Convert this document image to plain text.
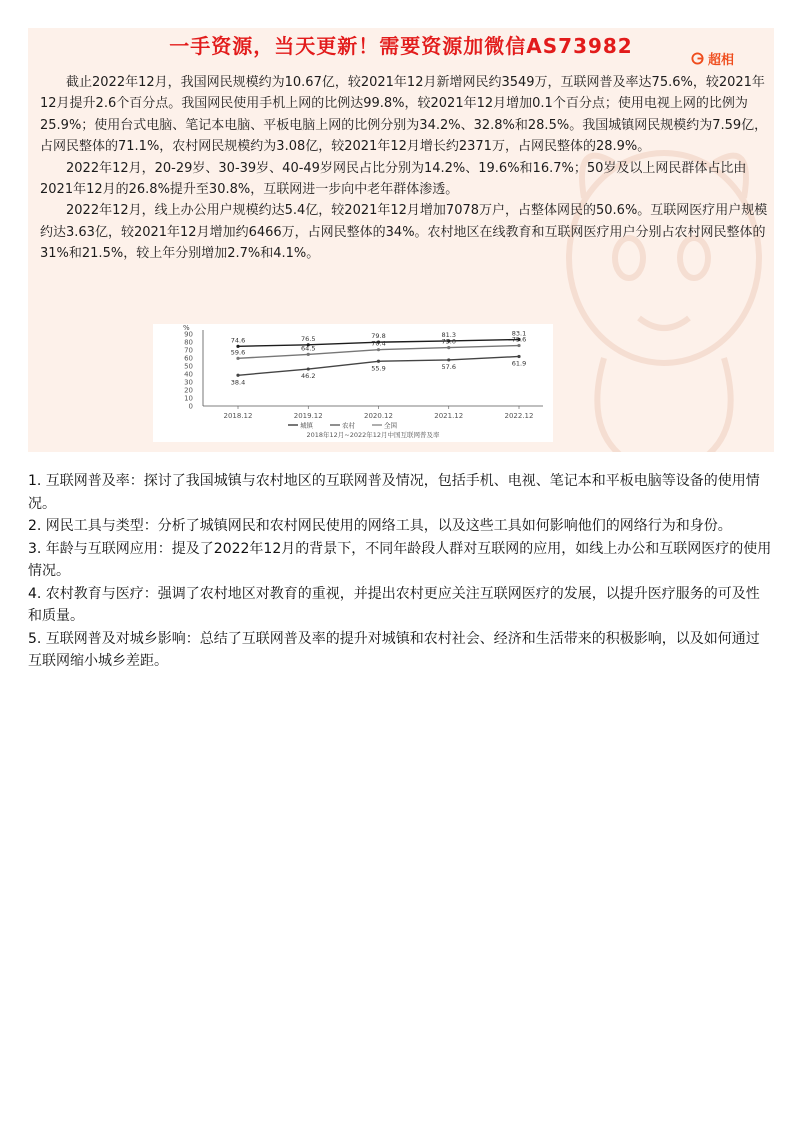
一手资源，当天更新！需要资源加微信AS73982
超相

截止2022年12月，我国网民规模约为10.67亿，较2021年12月新增网民约3549万，互联网普及率达75.6%，较2021年12月提升2.6个百分点。我国网民使用手机上网的比例达99.8%，较2021年12月增加0.1个百分点；使用电视上网的比例为25.9%；使用台式电脑、笔记本电脑、平板电脑上网的比例分别为34.2%、32.8%和28.5%。我国城镇网民规模约为7.59亿，占网民整体的71.1%，农村网民规模约为3.08亿，较2021年12月增长约2371万，占网民整体的28.9%。

2022年12月，20-29岁、30-39岁、40-49岁网民占比分别为14.2%、19.6%和16.7%；50岁及以上网民群体占比由2021年12月的26.8%提升至30.8%，互联网进一步向中老年群体渗透。

2022年12月，线上办公用户规模约达5.4亿，较2021年12月增加7078万户，占整体网民的50.6%。互联网医疗用户规模约达3.63亿，较2021年12月增加约6466万，占网民整体的34%。农村地区在线教育和互联网医疗用户分别占农村网民整体的31%和21.5%，较上年分别增加2.7%和4.1%。

%
0
10
20
30
40
50
60
70
80
90
2018.12	2019.12	2020.12	2021.12	2022.12
74.6	76.5	79.8	81.3	83.1
38.4
46.2
55.9	57.6	61.9
59.6	64.5
70.4	73.0	75.6
城镇	农村	全国
2018年12月~2022年12月中国互联网普及率

1. 互联网普及率：探讨了我国城镇与农村地区的互联网普及情况，包括手机、电视、笔记本和平板电脑等设备的使用情况。

2. 网民工具与类型：分析了城镇网民和农村网民使用的网络工具，以及这些工具如何影响他们的网络行为和身份。

3. 年龄与互联网应用：提及了2022年12月的背景下，不同年龄段人群对互联网的应用，如线上办公和互联网医疗的使用情况。

4. 农村教育与医疗：强调了农村地区对教育的重视，并提出农村更应关注互联网医疗的发展，以提升医疗服务的可及性和质量。

5. 互联网普及对城乡影响：总结了互联网普及率的提升对城镇和农村社会、经济和生活带来的积极影响，以及如何通过互联网缩小城乡差距。
